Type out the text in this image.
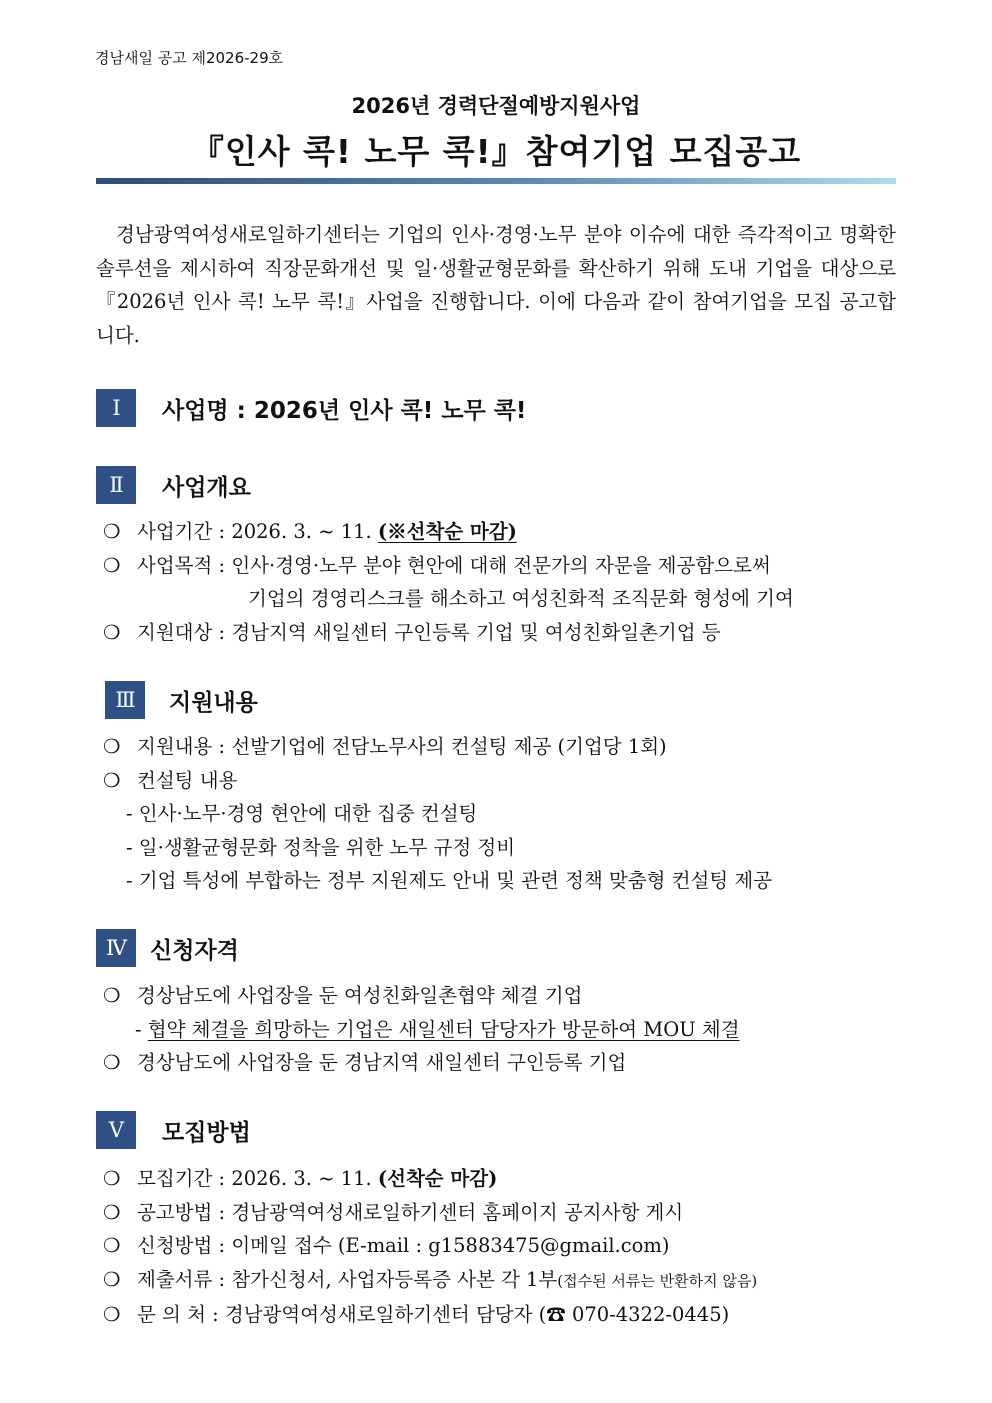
경남새일 공고 제2026-29호
2026년 경력단절예방지원사업
『인사 콕! 노무 콕!』참여기업 모집공고

경남광역여성새로일하기센터는 기업의 인사·경영·노무 분야 이슈에 대한 즉각적이고 명확한 솔루션을 제시하여 직장문화개선 및 일·생활균형문화를 확산하기 위해 도내 기업을 대상으로 『2026년 인사 콕! 노무 콕!』사업을 진행합니다. 이에 다음과 같이 참여기업을 모집 공고합니다.

Ⅰ	사업명 : 2026년 인사 콕! 노무 콕!
Ⅱ	사업개요
❍ 사업기간 : 2026. 3. ~ 11. (※선착순 마감)
❍ 사업목적 : 인사·경영·노무 분야 현안에 대해 전문가의 자문을 제공함으로써
기업의 경영리스크를 해소하고 여성친화적 조직문화 형성에 기여
❍ 지원대상 : 경남지역 새일센터 구인등록 기업 및 여성친화일촌기업 등
Ⅲ	지원내용
❍ 지원내용 : 선발기업에 전담노무사의 컨설팅 제공 (기업당 1회)
❍ 컨설팅 내용
- 인사·노무·경영 현안에 대한 집중 컨설팅
- 일·생활균형문화 정착을 위한 노무 규정 정비
- 기업 특성에 부합하는 정부 지원제도 안내 및 관련 정책 맞춤형 컨설팅 제공
Ⅳ	신청자격
❍ 경상남도에 사업장을 둔 여성친화일촌협약 체결 기업
- 협약 체결을 희망하는 기업은 새일센터 담당자가 방문하여 MOU 체결
❍ 경상남도에 사업장을 둔 경남지역 새일센터 구인등록 기업
Ⅴ	모집방법
❍ 모집기간 : 2026. 3. ~ 11. (선착순 마감)
❍ 공고방법 : 경남광역여성새로일하기센터 홈페이지 공지사항 게시
❍ 신청방법 : 이메일 접수 (E-mail : g15883475@gmail.com)
❍ 제출서류 : 참가신청서, 사업자등록증 사본 각 1부(접수된 서류는 반환하지 않음)
❍ 문 의 처 : 경남광역여성새로일하기센터 담당자 (☎ 070-4322-0445)
